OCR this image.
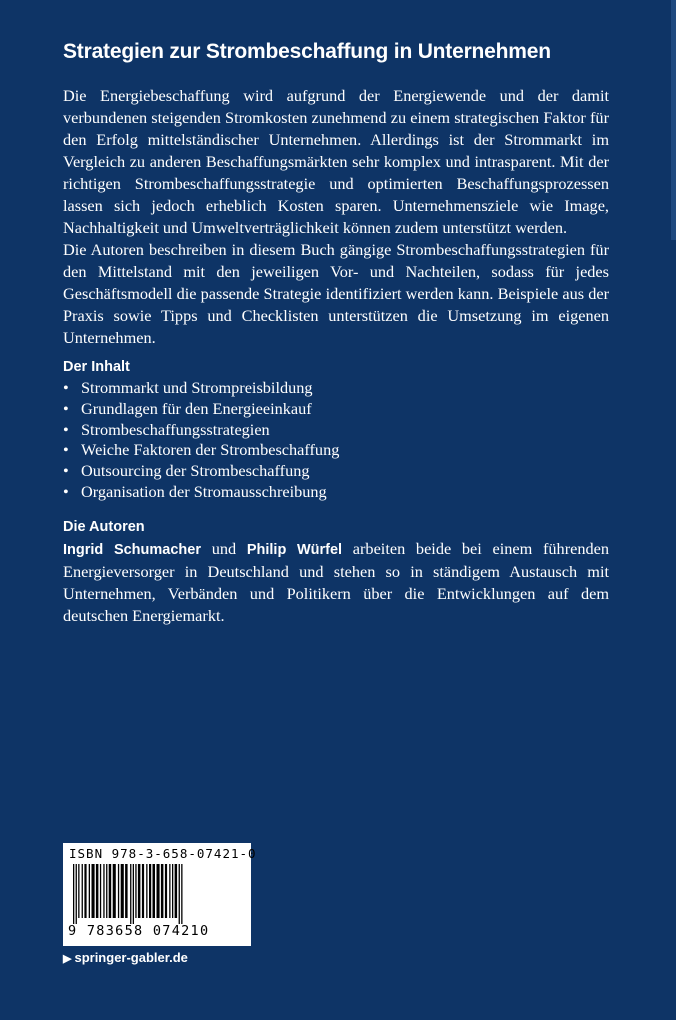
Strategien zur Strombeschaffung in Unternehmen
Die Energiebeschaffung wird aufgrund der Energiewende und der damit verbundenen steigenden Stromkosten zunehmend zu einem strategischen Faktor für den Erfolg mittelständischer Unternehmen. Allerdings ist der Strommarkt im Vergleich zu anderen Beschaffungsmärkten sehr komplex und intrasparent. Mit der richtigen Strombeschaffungsstrategie und optimierten Beschaffungsprozessen lassen sich jedoch erheblich Kosten sparen. Unternehmensziele wie Image, Nachhaltigkeit und Umweltverträglichkeit können zudem unterstützt werden.
Die Autoren beschreiben in diesem Buch gängige Strombeschaffungsstrategien für den Mittelstand mit den jeweiligen Vor- und Nachteilen, sodass für jedes Geschäftsmodell die passende Strategie identifiziert werden kann. Beispiele aus der Praxis sowie Tipps und Checklisten unterstützen die Umsetzung im eigenen Unternehmen.
Der Inhalt
• Strommarkt und Strompreisbildung
• Grundlagen für den Energieeinkauf
• Strombeschaffungsstrategien
• Weiche Faktoren der Strombeschaffung
• Outsourcing der Strombeschaffung
• Organisation der Stromausschreibung
Die Autoren
Ingrid Schumacher und Philip Würfel arbeiten beide bei einem führenden Energieversorger in Deutschland und stehen so in ständigem Austausch mit Unternehmen, Verbänden und Politikern über die Entwicklungen auf dem deutschen Energiemarkt.
ISBN 978-3-658-07421-0
9 783658 074210
▶ springer-gabler.de
